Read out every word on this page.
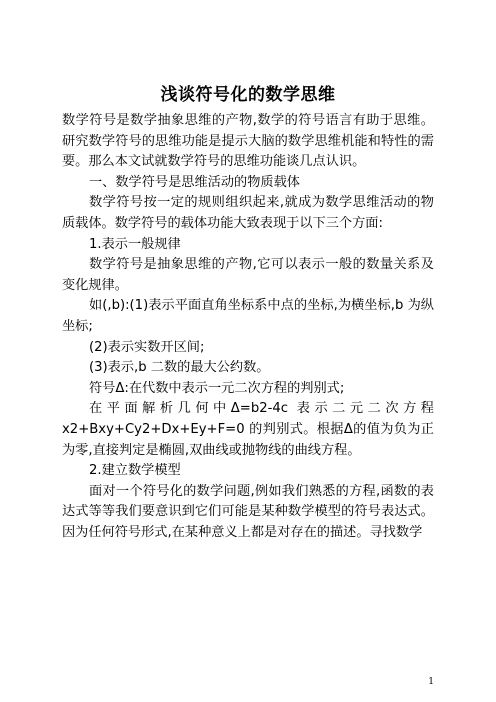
浅谈符号化的数学思维

数学符号是数学抽象思维的产物,数学的符号语言有助于思维。研究数学符号的思维功能是提示大脑的数学思维机能和特性的需要。那么本文试就数学符号的思维功能谈几点认识。

一、数学符号是思维活动的物质载体

数学符号按一定的规则组织起来,就成为数学思维活动的物质载体。数学符号的载体功能大致表现于以下三个方面:

1.表示一般规律

数学符号是抽象思维的产物,它可以表示一般的数量关系及变化规律。

如(,b):(1)表示平面直角坐标系中点的坐标,为横坐标,b 为纵坐标;

(2)表示实数开区间;

(3)表示,b 二数的最大公约数。

符号Δ:在代数中表示一元二次方程的判别式;

在平面解析几何中Δ=b2-4c 表示二元二次方程

x2+Bxy+Cy2+Dx+Ey+F=0 的判别式。根据Δ的值为负为正为零,直接判定是椭圆,双曲线或抛物线的曲线方程。

2.建立数学模型

面对一个符号化的数学问题,例如我们熟悉的方程,函数的表达式等等我们要意识到它们可能是某种数学模型的符号表达式。因为任何符号形式,在某种意义上都是对存在的描述。寻找数学

1
